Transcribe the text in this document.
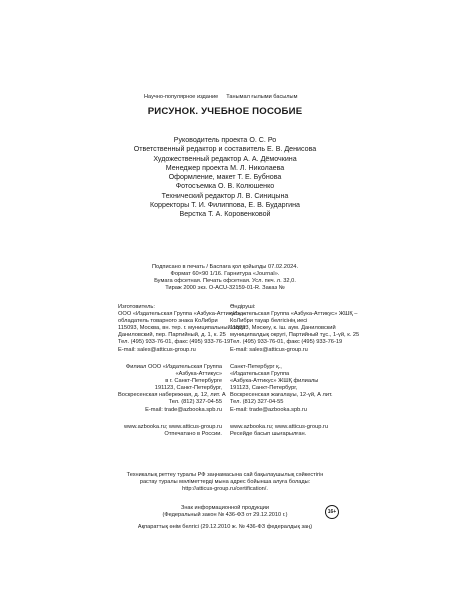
Научно-популярное издание Танымал ғылыми басылым
РИСУНОК. УЧЕБНОЕ ПОСОБИЕ
Руководитель проекта О. С. Ро
Ответственный редактор и составитель Е. В. Денисова
Художественный редактор А. А. Дёмочкина
Менеджер проекта М. Л. Николаева
Оформление, макет Т. Е. Бубнова
Фотосъемка О. В. Колюшенко
Технический редактор Л. В. Синицына
Корректоры Т. И. Филиппова, Е. В. Бударгина
Верстка Т. А. Коровенковой
Подписано в печать / Баспаға қол қойылды 07.02.2024.
Формат 60×90 1/16. Гарнитура «Journal».
Бумага офсетная. Печать офсетная. Усл. печ. л. 32,0.
Тираж 2000 экз. О-ACU-32159-01-R. Заказ №
Изготовитель:
ООО «Издательская Группа «Азбука-Аттикус» –
обладатель товарного знака КоЛибри
115093, Москва, вн. тер. г. муниципальный округ
Даниловский, пер. Партийный, д. 1, к. 25
Тел. (495) 933-76-01, факс (495) 933-76-19
E-mail: sales@atticus-group.ru
Өндіруші:
«Издательская Группа «Азбука-Аттикус» ЖШҚ –
КоЛибри тауар белгісінің иесі
115093, Мәскеу, к. іш. аум. Даниловский
муниципалдық округі, Партийный тұс., 1-үй, к. 25
Тел. (495) 933-76-01, факс (495) 933-76-19
E-mail: sales@atticus-group.ru
Филиал ООО «Издательская Группа
«Азбука-Аттикус»
в г. Санкт-Петербурге
191123, Санкт-Петербург,
Воскресенская набережная, д. 12, лит. А
Тел. (812) 327-04-55
E-mail: trade@azbooka.spb.ru
Санкт-Петербург қ.,
«Издательская Группа
«Азбука-Аттикус» ЖШҚ филиалы
191123, Санкт-Петербург,
Воскресенская жағалауы, 12-үй, А лит.
Тел. (812) 327-04-55
E-mail: trade@azbooka.spb.ru
www.azbooka.ru; www.atticus-group.ru
Отпечатано в России.
www.azbooka.ru; www.atticus-group.ru
Ресейде басып шығарылған.
Техникалық реттеу туралы РФ заңнамасына сай бақылаушылық сәйкестігін
растау туралы мәліметтерді мына адрес бойынша алуға болады:
http://atticus-group.ru/certification/.
Знак информационной продукции
(Федеральный закон № 436-ФЗ от 29.12.2010 г.)
16+
Ақпараттық өнім белгісі (29.12.2010 ж. № 436-ФЗ федералдық заң)
